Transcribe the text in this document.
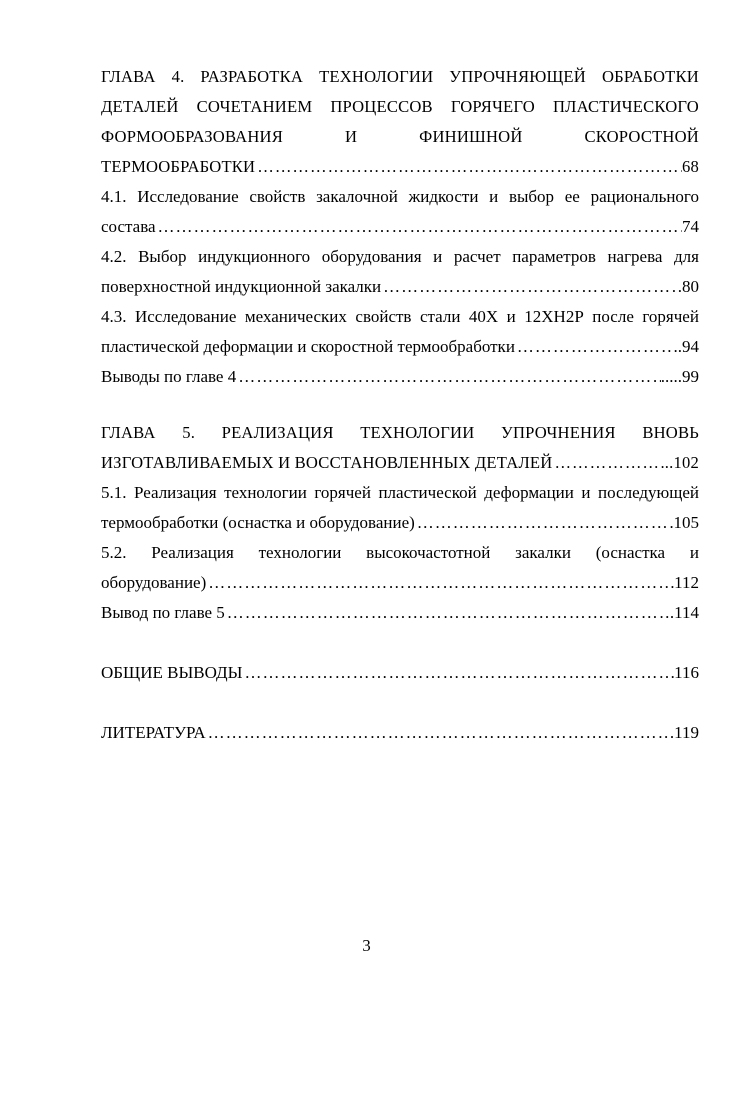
ГЛАВА 4. РАЗРАБОТКА ТЕХНОЛОГИИ УПРОЧНЯЮЩЕЙ ОБРАБОТКИ
ДЕТАЛЕЙ СОЧЕТАНИЕМ ПРОЦЕССОВ ГОРЯЧЕГО ПЛАСТИЧЕСКОГО
ФОРМООБРАЗОВАНИЯ	И	ФИНИШНОЙ	СКОРОСТНОЙ
ТЕРМООБРАБОТКИ ……………………………………………………………………………………………………………………………………………………………………	68
4.1. Исследование свойств закалочной жидкости и выбор ее рационального
состава ……………………………………………………………………………………………………………………………………………………………………	74
4.2. Выбор индукционного оборудования и расчет параметров нагрева для
поверхностной индукционной закалки ……………………………………………………………………………………………………………………………………………………………………	.80
4.3. Исследование механических свойств стали 40Х и 12ХН2Р после горячей
пластической деформации и скоростной термообработки ……………………………………………………………………………………………………………………………………………………………………	..94
Выводы по главе 4 ……………………………………………………………………………………………………………………………………………………………………	.....99
ГЛАВА 5. РЕАЛИЗАЦИЯ ТЕХНОЛОГИИ УПРОЧНЕНИЯ ВНОВЬ
ИЗГОТАВЛИВАЕМЫХ И ВОССТАНОВЛЕННЫХ ДЕТАЛЕЙ ……………………………………………………………………………………………………………………………………………………………………	...102
5.1. Реализация технологии горячей пластической деформации и последующей
термообработки (оснастка и оборудование) ……………………………………………………………………………………………………………………………………………………………………	105
5.2. Реализация технологии высокочастотной закалки (оснастка и
оборудование) ……………………………………………………………………………………………………………………………………………………………………	112
Вывод по главе 5 ……………………………………………………………………………………………………………………………………………………………………	.114
ОБЩИЕ ВЫВОДЫ ……………………………………………………………………………………………………………………………………………………………………	116
ЛИТЕРАТУРА ……………………………………………………………………………………………………………………………………………………………………	.119
3
